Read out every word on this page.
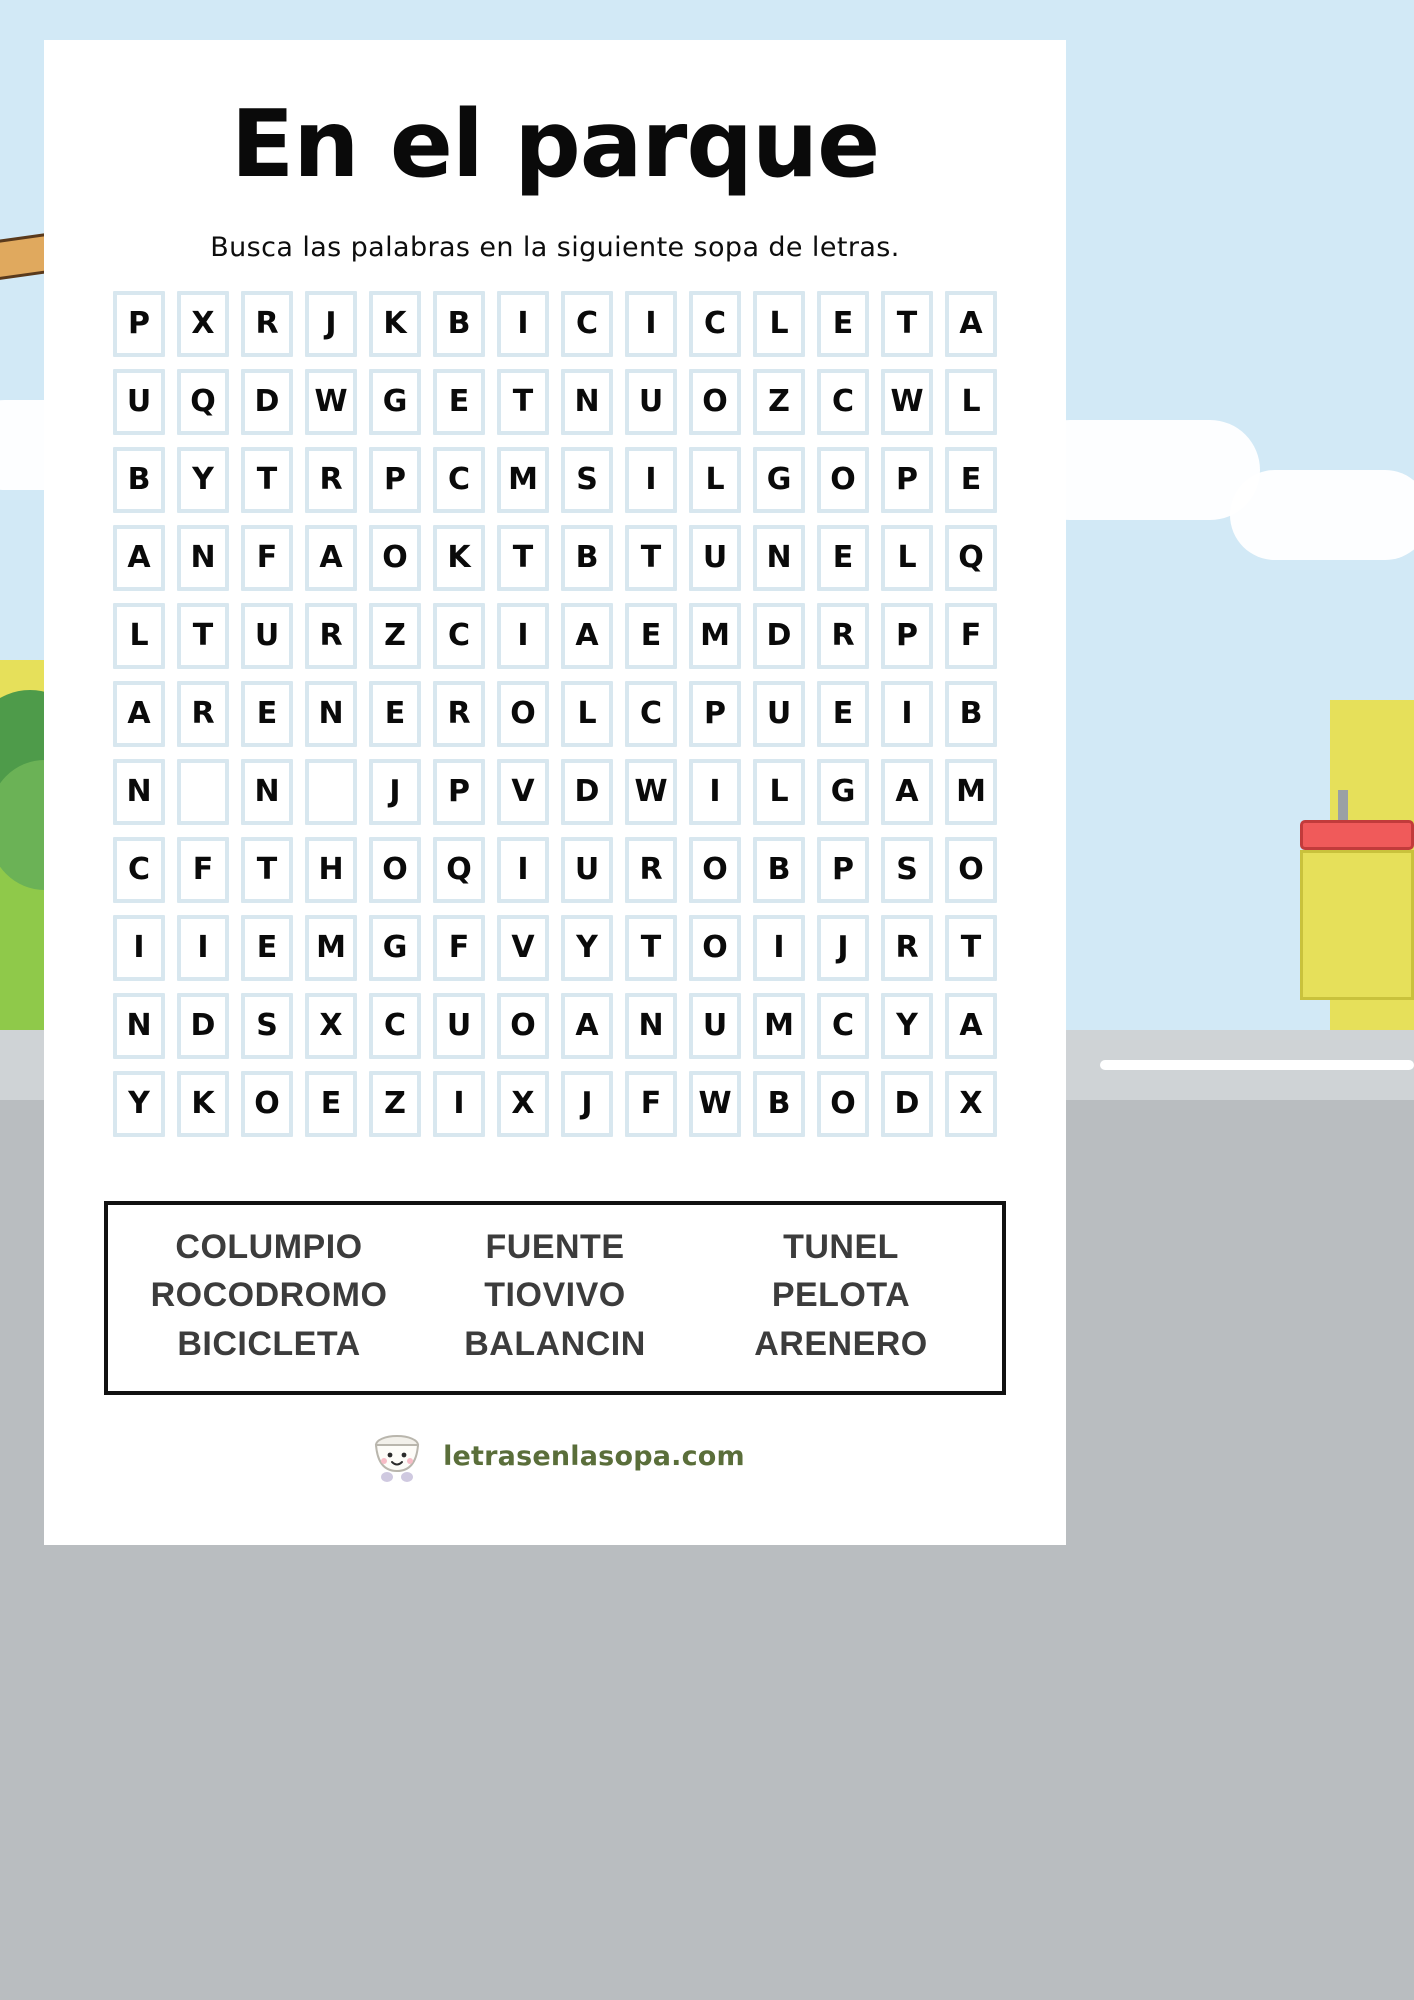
En el parque

Busca las palabras en la siguiente sopa de letras.

P X R J K B I C I C L E T A
U Q D W G E T N U O Z C W L
B Y T R P C M S I L G O P E
A N F A O K T B T U N E L Q
L T U R Z C I A E M D R P F
A R E N E R O L C P U E I B
N	N	J P V D W I L G A M
C F T H O Q I U R O B P S O
I I E M G F V Y T O I J R T
N D S X C U O A N U M C Y A
Y K O E Z I X J F W B O D X
COLUMPIO
ROCODROMO
BICICLETA
FUENTE
TIOVIVO
BALANCIN
TUNEL
PELOTA
ARENERO
letrasenlasopa.com
